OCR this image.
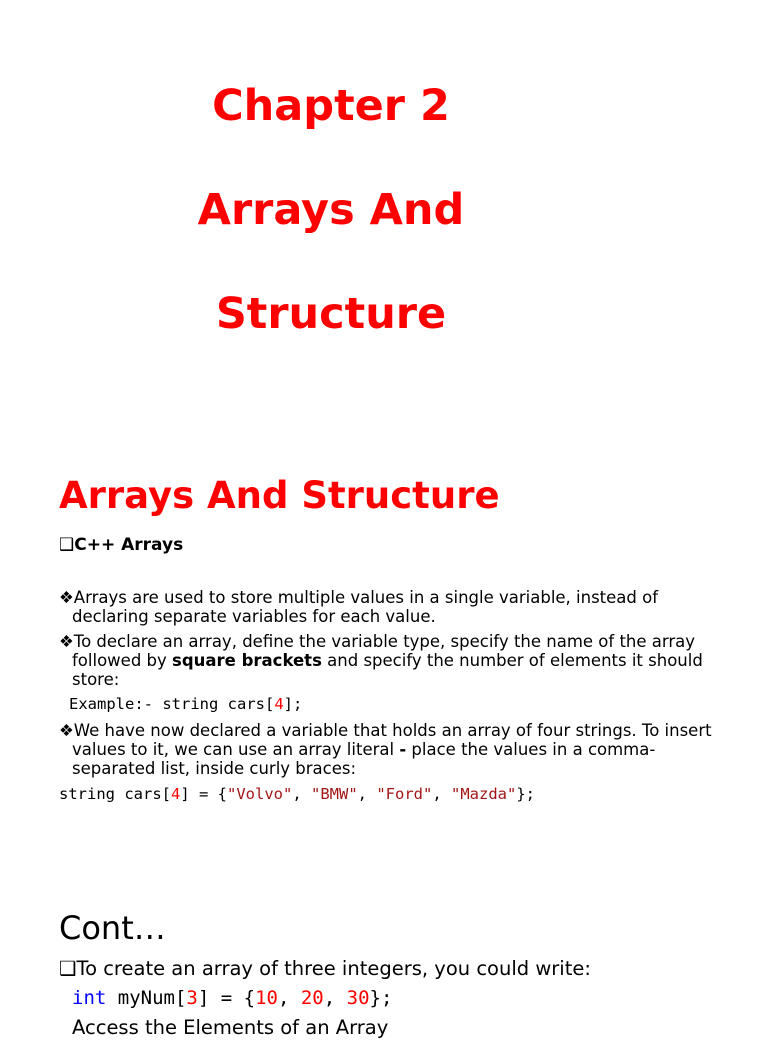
Chapter 2
Arrays And
Structure
Arrays And Structure
❑C++ Arrays
❖Arrays are used to store multiple values in a single variable, instead of declaring separate variables for each value.
❖To declare an array, define the variable type, specify the name of the array followed by square brackets and specify the number of elements it should store:
Example:- string cars[4];
❖We have now declared a variable that holds an array of four strings. To insert values to it, we can use an array literal - place the values in a comma-separated list, inside curly braces:
string cars[4] = {"Volvo", "BMW", "Ford", "Mazda"};
Cont…
❑To create an array of three integers, you could write:
int myNum[3] = {10, 20, 30};
Access the Elements of an Array
